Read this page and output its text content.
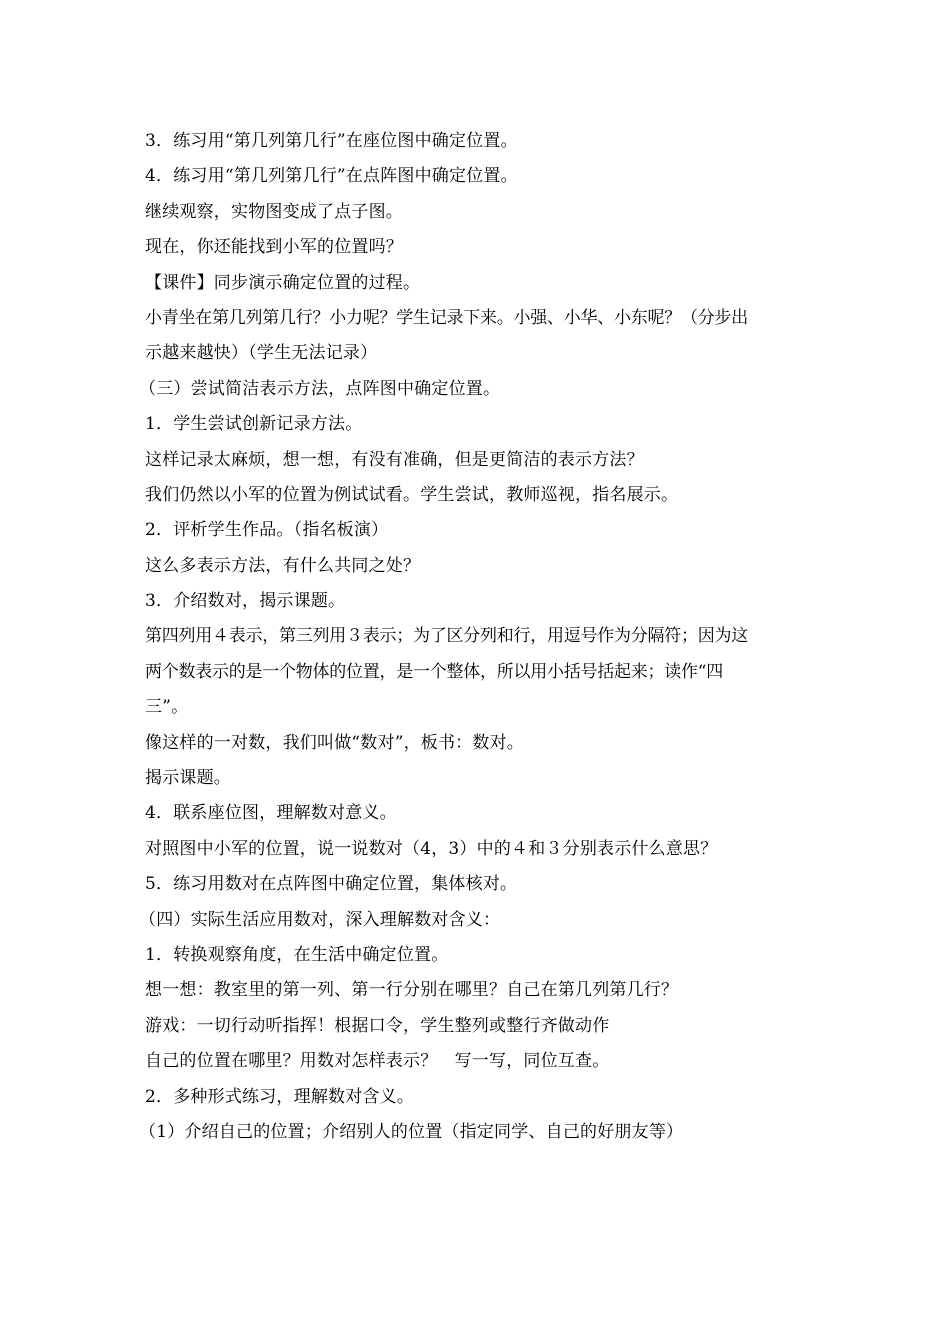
3．练习用“第几列第几行”在座位图中确定位置。
4．练习用“第几列第几行”在点阵图中确定位置。
继续观察，实物图变成了点子图。
现在，你还能找到小军的位置吗？
【课件】同步演示确定位置的过程。
小青坐在第几列第几行？小力呢？学生记录下来。小强、小华、小东呢？（分步出
示越来越快）（学生无法记录）
（三）尝试简洁表示方法，点阵图中确定位置。
1．学生尝试创新记录方法。
这样记录太麻烦，想一想，有没有准确，但是更简洁的表示方法？
我们仍然以小军的位置为例试试看。学生尝试，教师巡视，指名展示。
2．评析学生作品。（指名板演）
这么多表示方法，有什么共同之处？
3．介绍数对，揭示课题。
第四列用４表示，第三列用３表示；为了区分列和行，用逗号作为分隔符；因为这
两个数表示的是一个物体的位置，是一个整体，所以用小括号括起来；读作“四
三”。
像这样的一对数，我们叫做“数对”，板书：数对。
揭示课题。
4．联系座位图，理解数对意义。
对照图中小军的位置，说一说数对（4，3）中的４和３分别表示什么意思？
5．练习用数对在点阵图中确定位置，集体核对。
（四）实际生活应用数对，深入理解数对含义：
1．转换观察角度，在生活中确定位置。
想一想：教室里的第一列、第一行分别在哪里？自己在第几列第几行？
游戏：一切行动听指挥！根据口令，学生整列或整行齐做动作
自己的位置在哪里？用数对怎样表示？　写一写，同位互查。
2．多种形式练习，理解数对含义。
（1）介绍自己的位置；介绍别人的位置（指定同学、自己的好朋友等）
